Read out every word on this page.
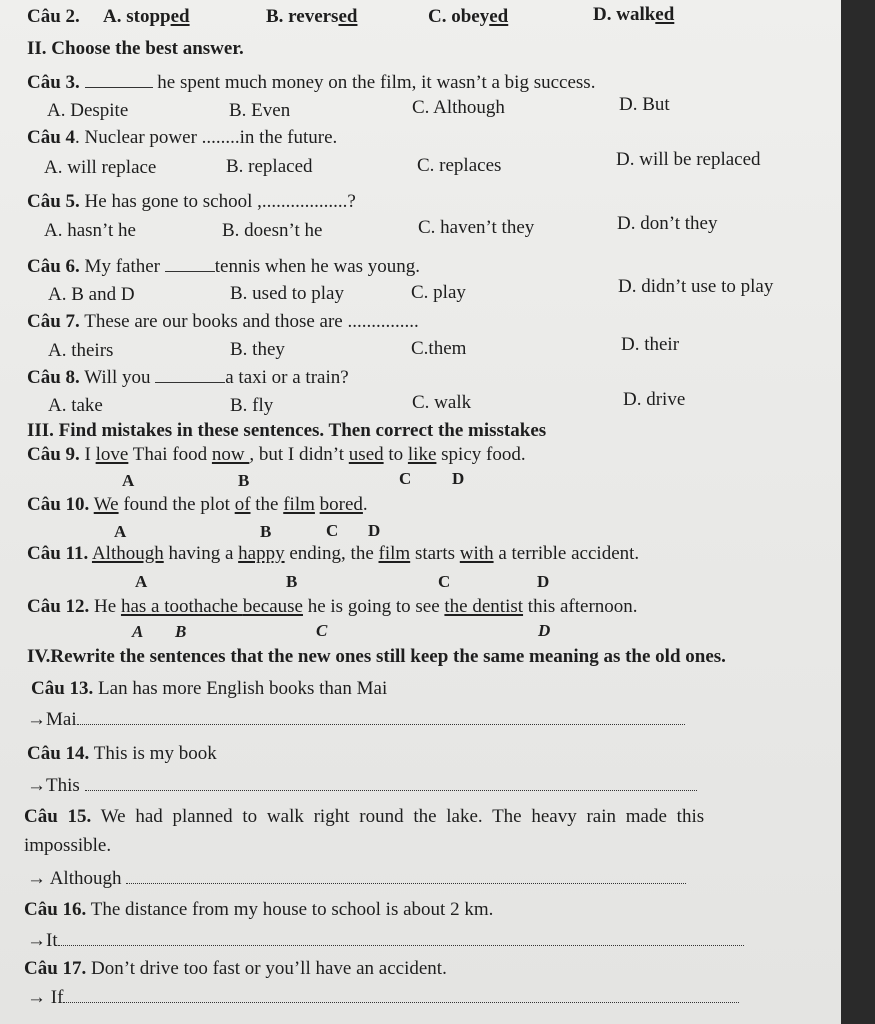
Câu 2. A. stopped	B. reversed	C. obeyed	D. walked
II. Choose the best answer.
Câu 3.	he spent much money on the film, it wasn’t a big success.
A. Despite	B. Even	C. Although	D. But
Câu 4. Nuclear power ........in the future.
A. will replace	B. replaced	C. replaces	D. will be replaced
Câu 5. He has gone to school ,..................?
A. hasn’t he	B. doesn’t he	C. haven’t they	D. don’t they
Câu 6. My father	tennis when he was young.
A. B and D	B. used to play	C. play	D. didn’t use to play
Câu 7. These are our books and those are ...............
A. theirs	B. they	C.them	D. their
Câu 8. Will you	a taxi or a train?
A. take	B. fly	C. walk	D. drive
III. Find mistakes in these sentences. Then correct the misstakes
Câu 9. I love Thai food now , but I didn’t used to like spicy food.
A	B	C D
Câu 10. We found the plot of the film bored.
A	B	C D
Câu 11. Although having a happy ending, the film starts with a terrible accident.
A	B	C	D
Câu 12. He has a toothache because he is going to see the dentist this afternoon.
A B	C	D
IV.Rewrite the sentences that the new ones still keep the same meaning as the old ones.
Câu 13. Lan has more English books than Mai
→Mai
Câu 14. This is my book
→This
Câu 15. We had planned to walk right round the lake. The heavy rain made this
impossible.
→ Although
Câu 16. The distance from my house to school is about 2 km.
→It
Câu 17. Don’t drive too fast or you’ll have an accident.
→ If
